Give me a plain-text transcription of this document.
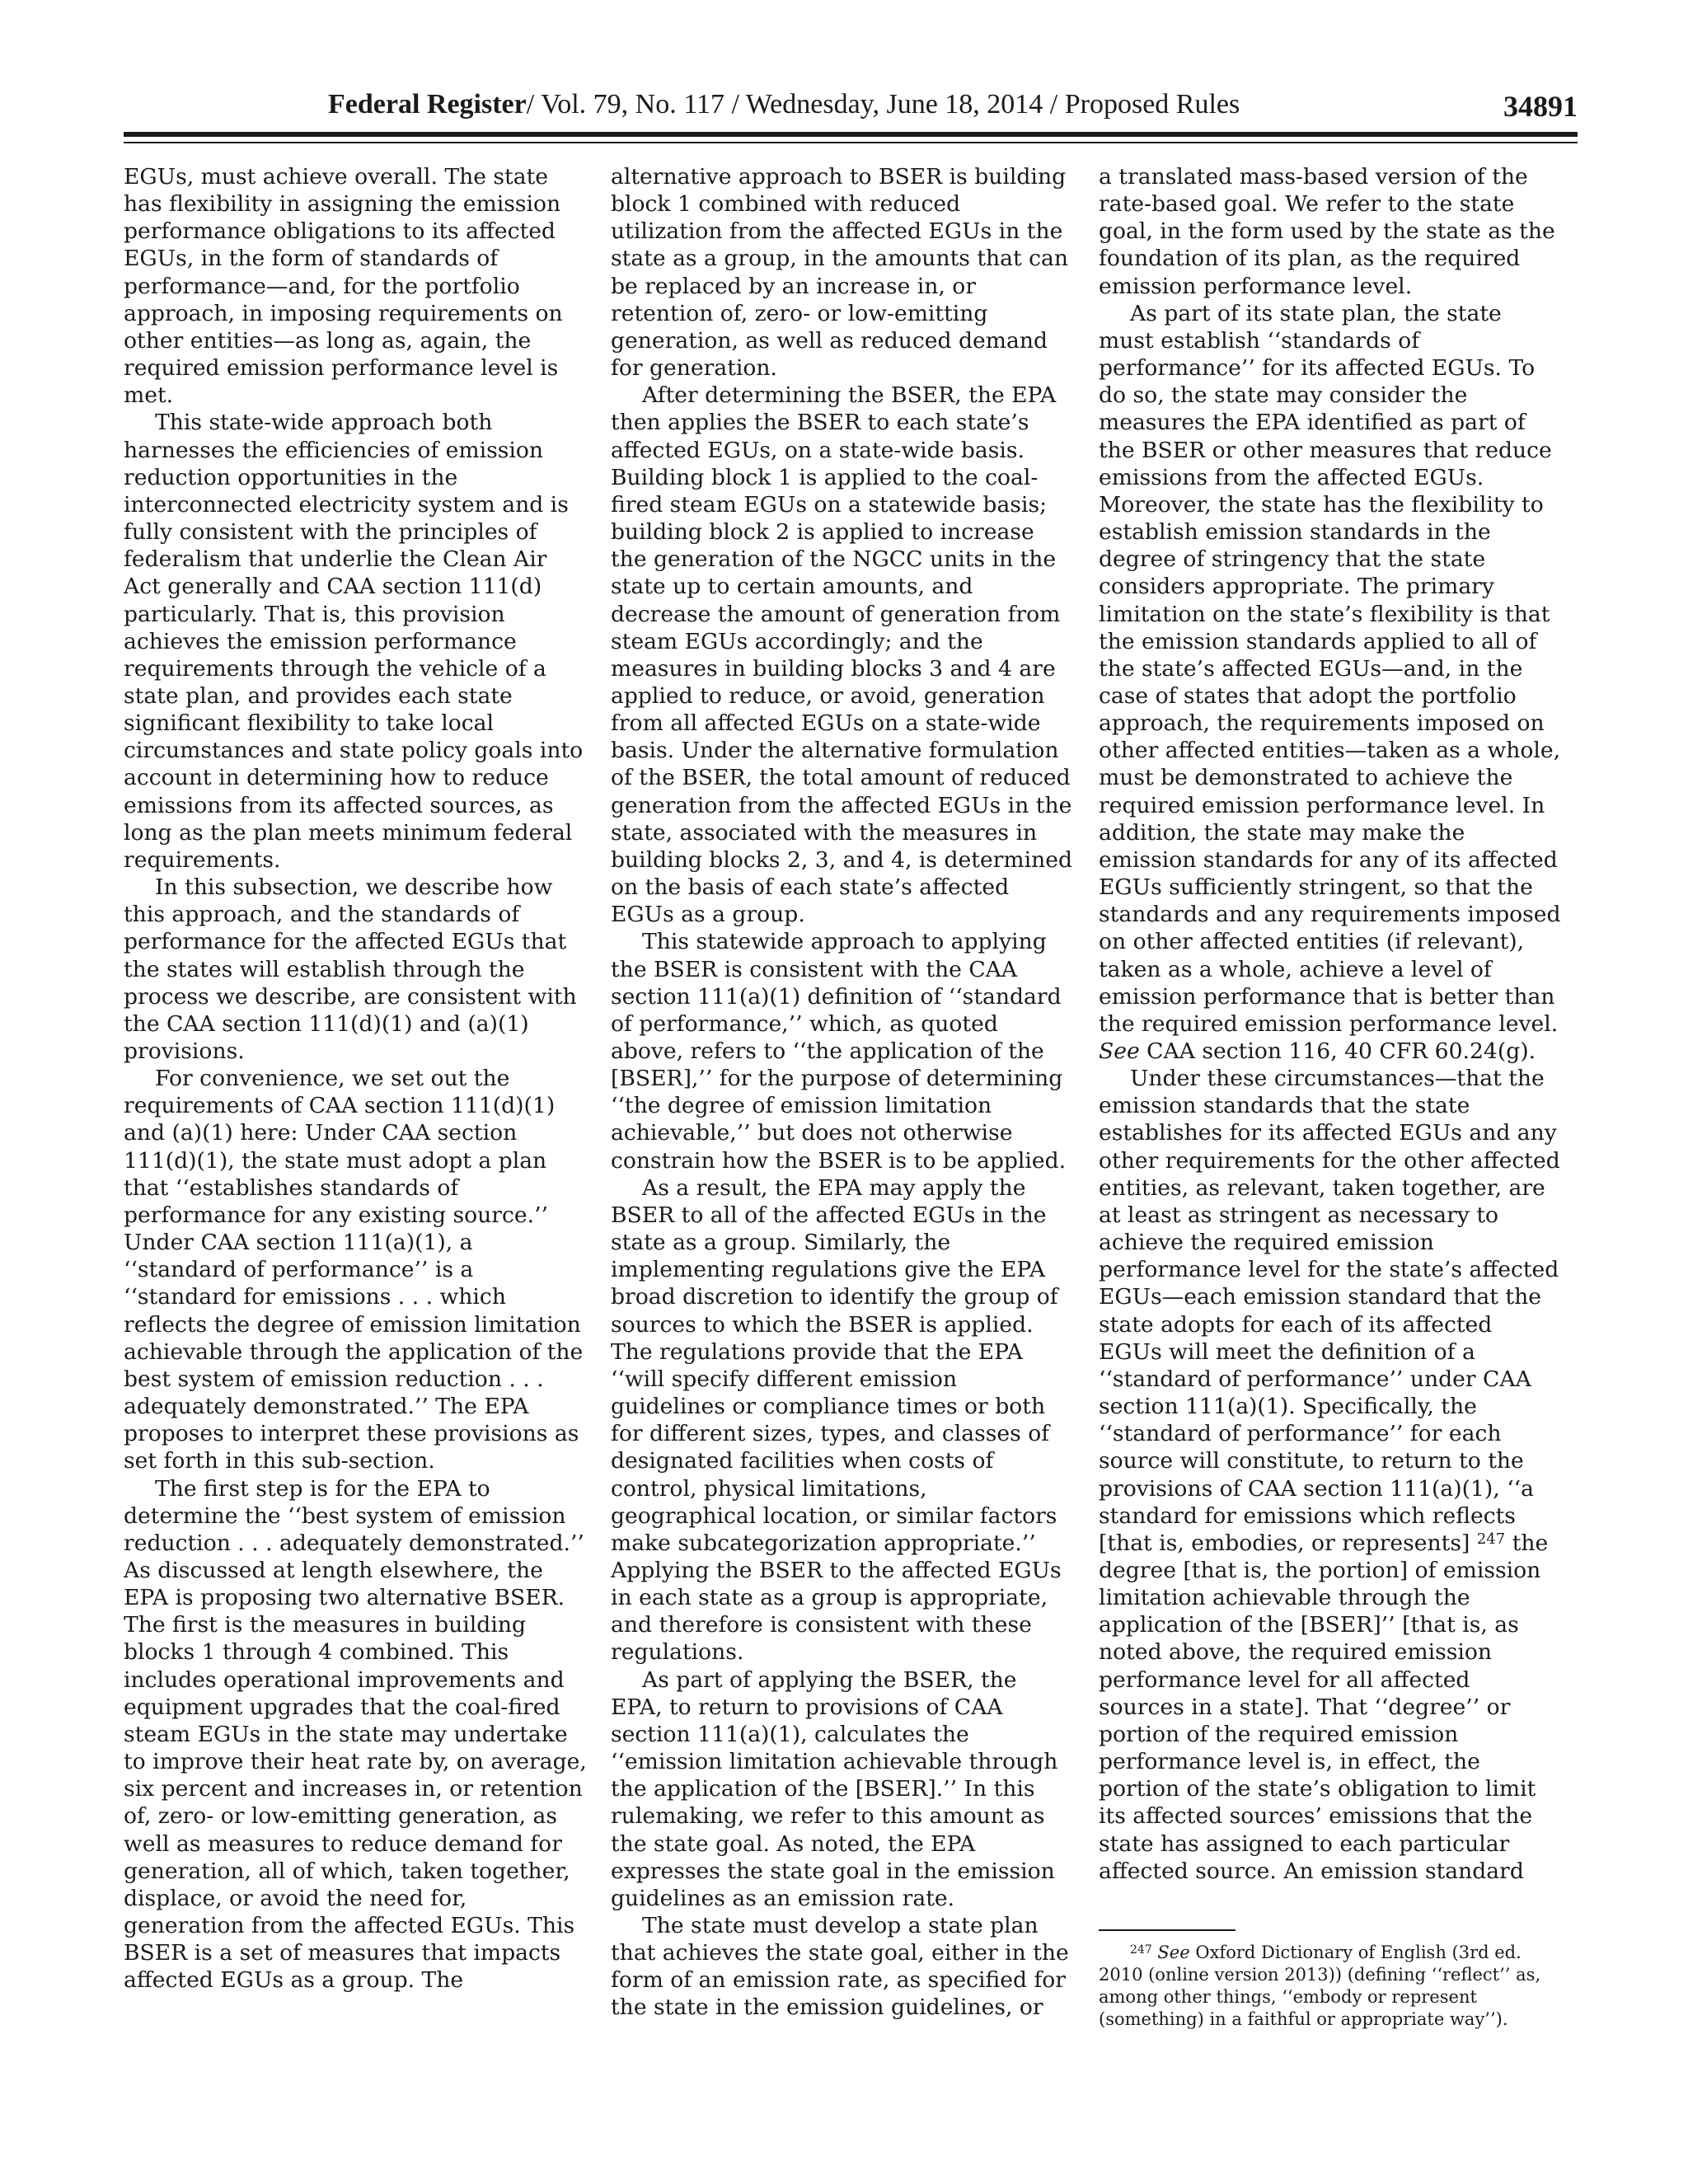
Federal Register/ Vol. 79, No. 117 / Wednesday, June 18, 2014 / Proposed Rules	34891

EGUs, must achieve overall. The state has flexibility in assigning the emission performance obligations to its affected EGUs, in the form of standards of performance—and, for the portfolio approach, in imposing requirements on other entities—as long as, again, the required emission performance level is met.

This state-wide approach both harnesses the efficiencies of emission reduction opportunities in the interconnected electricity system and is fully consistent with the principles of federalism that underlie the Clean Air Act generally and CAA section 111(d) particularly. That is, this provision achieves the emission performance requirements through the vehicle of a state plan, and provides each state significant flexibility to take local circumstances and state policy goals into account in determining how to reduce emissions from its affected sources, as long as the plan meets minimum federal requirements.

In this subsection, we describe how this approach, and the standards of performance for the affected EGUs that the states will establish through the process we describe, are consistent with the CAA section 111(d)(1) and (a)(1) provisions.

For convenience, we set out the requirements of CAA section 111(d)(1) and (a)(1) here: Under CAA section 111(d)(1), the state must adopt a plan that ‘‘establishes standards of performance for any existing source.’’ Under CAA section 111(a)(1), a ‘‘standard of performance’’ is a ‘‘standard for emissions . . . which reflects the degree of emission limitation achievable through the application of the best system of emission reduction . . . adequately demonstrated.’’ The EPA proposes to interpret these provisions as set forth in this sub-section.

The first step is for the EPA to determine the ‘‘best system of emission reduction . . . adequately demonstrated.’’ As discussed at length elsewhere, the EPA is proposing two alternative BSER. The first is the measures in building blocks 1 through 4 combined. This includes operational improvements and equipment upgrades that the coal-fired steam EGUs in the state may undertake to improve their heat rate by, on average, six percent and increases in, or retention of, zero- or low-emitting generation, as well as measures to reduce demand for generation, all of which, taken together, displace, or avoid the need for, generation from the affected EGUs. This BSER is a set of measures that impacts affected EGUs as a group. The

alternative approach to BSER is building block 1 combined with reduced utilization from the affected EGUs in the state as a group, in the amounts that can be replaced by an increase in, or retention of, zero- or low-emitting generation, as well as reduced demand for generation.

After determining the BSER, the EPA then applies the BSER to each state’s affected EGUs, on a state-wide basis. Building block 1 is applied to the coal-fired steam EGUs on a statewide basis; building block 2 is applied to increase the generation of the NGCC units in the state up to certain amounts, and decrease the amount of generation from steam EGUs accordingly; and the measures in building blocks 3 and 4 are applied to reduce, or avoid, generation from all affected EGUs on a state-wide basis. Under the alternative formulation of the BSER, the total amount of reduced generation from the affected EGUs in the state, associated with the measures in building blocks 2, 3, and 4, is determined on the basis of each state’s affected EGUs as a group.

This statewide approach to applying the BSER is consistent with the CAA section 111(a)(1) definition of ‘‘standard of performance,’’ which, as quoted above, refers to ‘‘the application of the [BSER],’’ for the purpose of determining ‘‘the degree of emission limitation achievable,’’ but does not otherwise constrain how the BSER is to be applied.

As a result, the EPA may apply the BSER to all of the affected EGUs in the state as a group. Similarly, the implementing regulations give the EPA broad discretion to identify the group of sources to which the BSER is applied. The regulations provide that the EPA ‘‘will specify different emission guidelines or compliance times or both for different sizes, types, and classes of designated facilities when costs of control, physical limitations, geographical location, or similar factors make subcategorization appropriate.’’ Applying the BSER to the affected EGUs in each state as a group is appropriate, and therefore is consistent with these regulations.

As part of applying the BSER, the EPA, to return to provisions of CAA section 111(a)(1), calculates the ‘‘emission limitation achievable through the application of the [BSER].’’ In this rulemaking, we refer to this amount as the state goal. As noted, the EPA expresses the state goal in the emission guidelines as an emission rate.

The state must develop a state plan that achieves the state goal, either in the form of an emission rate, as specified for the state in the emission guidelines, or

a translated mass-based version of the rate-based goal. We refer to the state goal, in the form used by the state as the foundation of its plan, as the required emission performance level.

As part of its state plan, the state must establish ‘‘standards of performance’’ for its affected EGUs. To do so, the state may consider the measures the EPA identified as part of the BSER or other measures that reduce emissions from the affected EGUs. Moreover, the state has the flexibility to establish emission standards in the degree of stringency that the state considers appropriate. The primary limitation on the state’s flexibility is that the emission standards applied to all of the state’s affected EGUs—and, in the case of states that adopt the portfolio approach, the requirements imposed on other affected entities—taken as a whole, must be demonstrated to achieve the required emission performance level. In addition, the state may make the emission standards for any of its affected EGUs sufficiently stringent, so that the standards and any requirements imposed on other affected entities (if relevant), taken as a whole, achieve a level of emission performance that is better than the required emission performance level. See CAA section 116, 40 CFR 60.24(g).

Under these circumstances—that the emission standards that the state establishes for its affected EGUs and any other requirements for the other affected entities, as relevant, taken together, are at least as stringent as necessary to achieve the required emission performance level for the state’s affected EGUs—each emission standard that the state adopts for each of its affected EGUs will meet the definition of a ‘‘standard of performance’’ under CAA section 111(a)(1). Specifically, the ‘‘standard of performance’’ for each source will constitute, to return to the provisions of CAA section 111(a)(1), ‘‘a standard for emissions which reflects [that is, embodies, or represents] $^{247}$ the degree [that is, the portion] of emission limitation achievable through the application of the [BSER]’’ [that is, as noted above, the required emission performance level for all affected sources in a state]. That ‘‘degree’’ or portion of the required emission performance level is, in effect, the portion of the state’s obligation to limit its affected sources’ emissions that the state has assigned to each particular affected source. An emission standard

$^{247}$ See Oxford Dictionary of English (3rd ed. 2010 (online version 2013)) (defining ‘‘reflect’’ as, among other things, ‘‘embody or represent (something) in a faithful or appropriate way’’).
